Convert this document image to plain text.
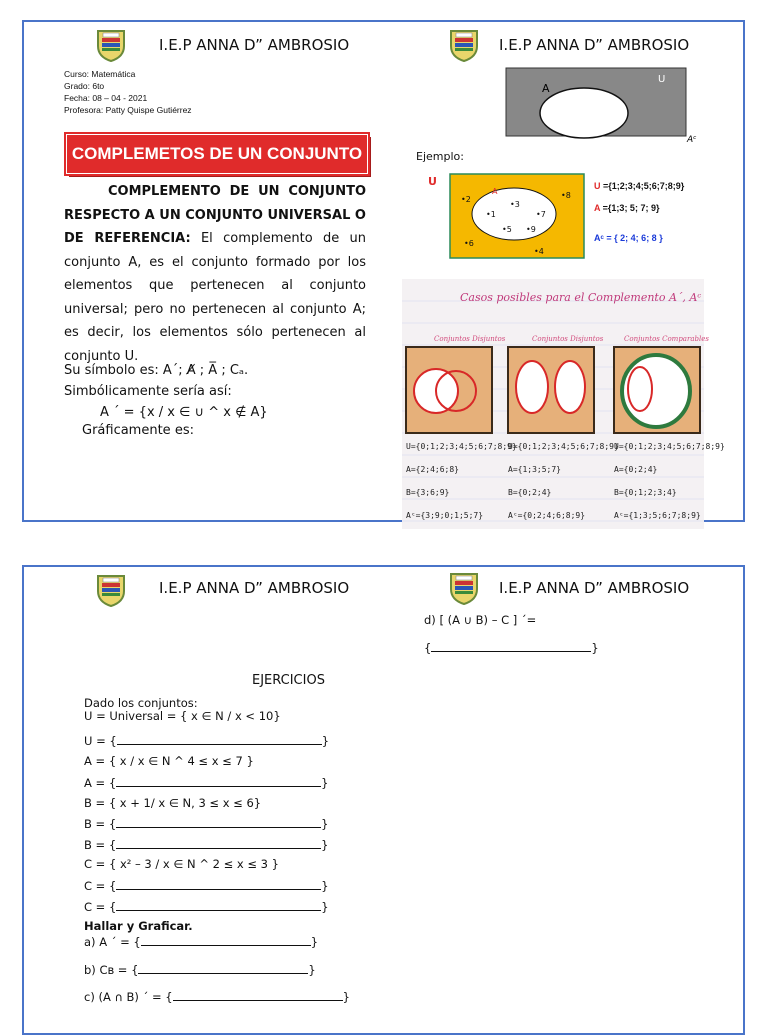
I.E.P ANNA D” AMBROSIO	I.E.P ANNA D” AMBROSIO
Curso: Matemática
Grado: 6to
Fecha: 08 – 04 - 2021
Profesora: Patty Quispe Gutiérrez
COMPLEMETOS DE UN CONJUNTO
COMPLEMENTO DE UN CONJUNTO RESPECTO A UN CONJUNTO UNIVERSAL O DE REFERENCIA: El complemento de un conjunto A, es el conjunto formado por los elementos que pertenecen al conjunto universal; pero no pertenecen al conjunto A; es decir, los elementos sólo pertenecen al conjunto U.
Su símbolo es: A´; A̸ ; A̅ ; Cₐ.
Simbólicamente sería así:
A ´ = {x / x ∈ ∪ ^ x ∉ A}
Gráficamente es:
A
U
Aᶜ
Ejemplo:
U
A
•2	•8
•6
•4
•3
•1	•7
•5 •9
U ={1;2;3;4;5;6;7;8;9}
A ={1;3; 5; 7; 9}
Aᶜ = { 2; 4; 6; 8 }
Casos posibles para el Complemento A´, Aᶜ
Conjuntos Disjuntos	Conjuntos Disjuntos	Conjuntos Comparables
U={0;1;2;3;4;5;6;7;8;9}
A={2;4;6;8}
B={3;6;9}
Aᶜ={3;9;0;1;5;7}
U={0;1;2;3;4;5;6;7;8;9}
A={1;3;5;7}
B={0;2;4}
Aᶜ={0;2;4;6;8;9}
U={0;1;2;3;4;5;6;7;8;9}
A={0;2;4}
B={0;1;2;3;4}
Aᶜ={1;3;5;6;7;8;9}
I.E.P ANNA D” AMBROSIO	I.E.P ANNA D” AMBROSIO
d) [ (A ∪ B) – C ] ´=
{	}
EJERCICIOS
Dado los conjuntos:
U = Universal = { x ∈ N / x < 10}
U = {	}
A = { x / x ∈ N ^ 4 ≤ x ≤ 7 }
A = {	}
B = { x + 1/ x ∈ N, 3 ≤ x ≤ 6}
B = {	}
B = {	}
C = { x² – 3 / x ∈ N ^ 2 ≤ x ≤ 3 }
C = {	}
C = {	}
Hallar y Graficar.
a) A ´ = {	}
b) Cʙ = {	}
c) (A ∩ B) ´ = {	}
